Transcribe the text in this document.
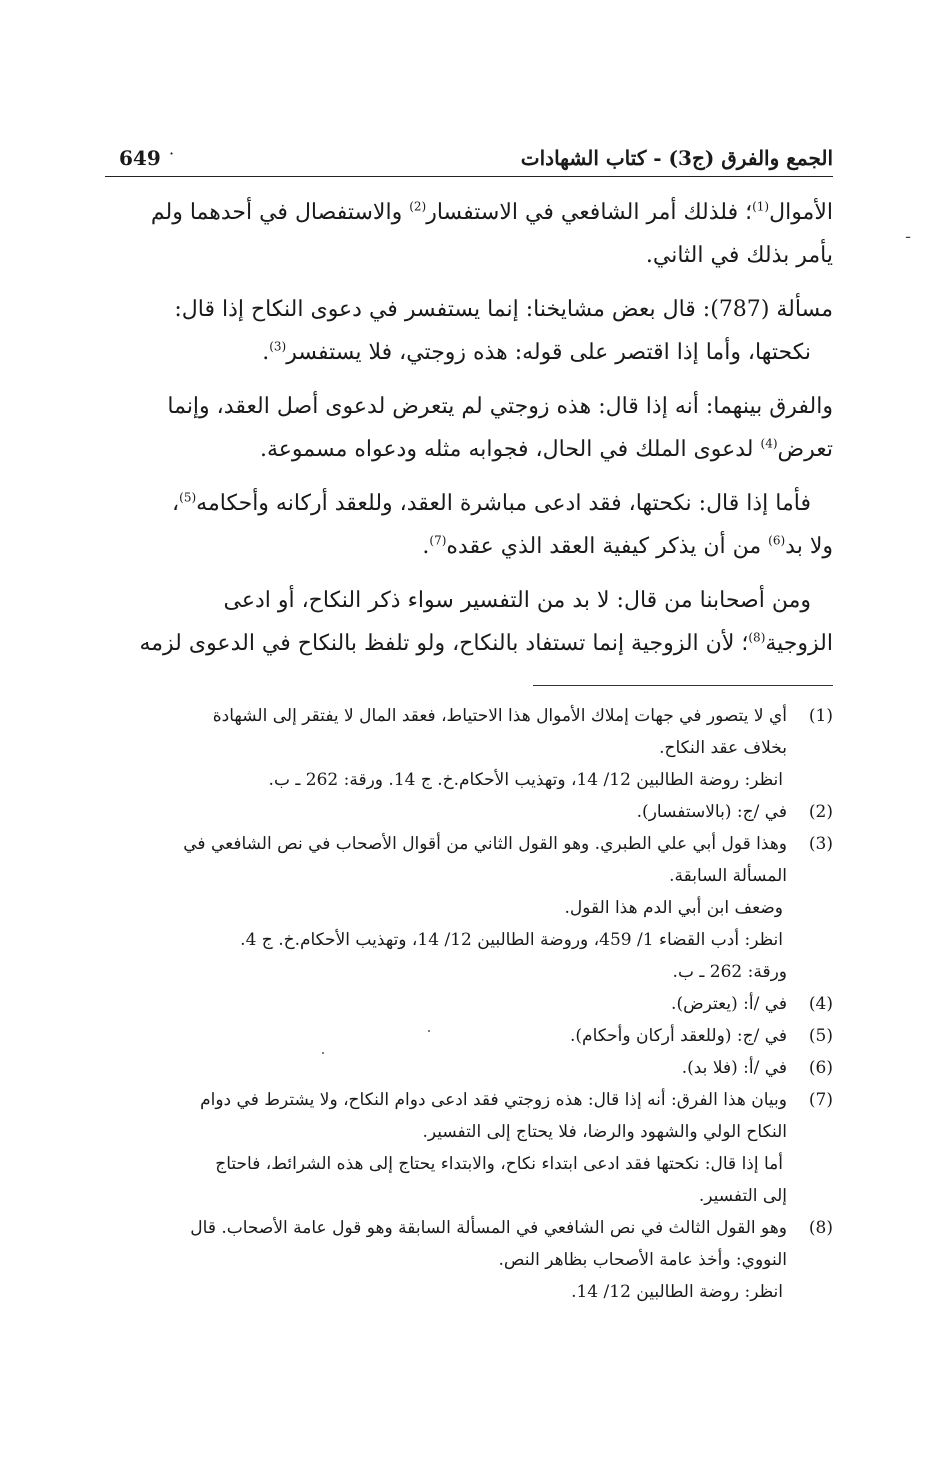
649 ·	الجمع والفرق (ج3) - كتاب الشهادات

الأموال$^{(1)}$؛ فلذلك أمر الشافعي في الاستفسار$^{(2)}$ والاستفصال في أحدهما ولم
يأمر بذلك في الثاني.

مسألة (787): قال بعض مشايخنا: إنما يستفسر في دعوى النكاح إذا قال:
نكحتها، وأما إذا اقتصر على قوله: هذه زوجتي، فلا يستفسر$^{(3)}$.

والفرق بينهما: أنه إذا قال: هذه زوجتي لم يتعرض لدعوى أصل العقد، وإنما
تعرض$^{(4)}$ لدعوى الملك في الحال، فجوابه مثله ودعواه مسموعة.

فأما إذا قال: نكحتها، فقد ادعى مباشرة العقد، وللعقد أركانه وأحكامه$^{(5)}$،
ولا بد$^{(6)}$ من أن يذكر كيفية العقد الذي عقده$^{(7)}$.

ومن أصحابنا من قال: لا بد من التفسير سواء ذكر النكاح، أو ادعى
الزوجية$^{(8)}$؛ لأن الزوجية إنما تستفاد بالنكاح، ولو تلفظ بالنكاح في الدعوى لزمه

(1)
أي لا يتصور في جهات إملاك الأموال هذا الاحتياط، فعقد المال لا يفتقر إلى الشهادة
بخلاف عقد النكاح.
انظر: روضة الطالبين 12/ 14، وتهذيب الأحكام.خ. ج 14. ورقة: 262 ـ ب.
(2)
في /ج: (بالاستفسار).
(3)
وهذا قول أبي علي الطبري. وهو القول الثاني من أقوال الأصحاب في نص الشافعي في
المسألة السابقة.
وضعف ابن أبي الدم هذا القول.
انظر: أدب القضاء 1/ 459، وروضة الطالبين 12/ 14، وتهذيب الأحكام.خ. ج 4.
ورقة: 262 ـ ب.
(4)
في /أ: (يعترض).
(5)
في /ج: (وللعقد أركان وأحكام).
(6)
في /أ: (فلا بد).
(7)
وبيان هذا الفرق: أنه إذا قال: هذه زوجتي فقد ادعى دوام النكاح، ولا يشترط في دوام
النكاح الولي والشهود والرضا، فلا يحتاج إلى التفسير.
أما إذا قال: نكحتها فقد ادعى ابتداء نكاح، والابتداء يحتاج إلى هذه الشرائط، فاحتاج
إلى التفسير.
(8)
وهو القول الثالث في نص الشافعي في المسألة السابقة وهو قول عامة الأصحاب. قال
النووي: وأخذ عامة الأصحاب بظاهر النص.
انظر: روضة الطالبين 12/ 14.
ـ
